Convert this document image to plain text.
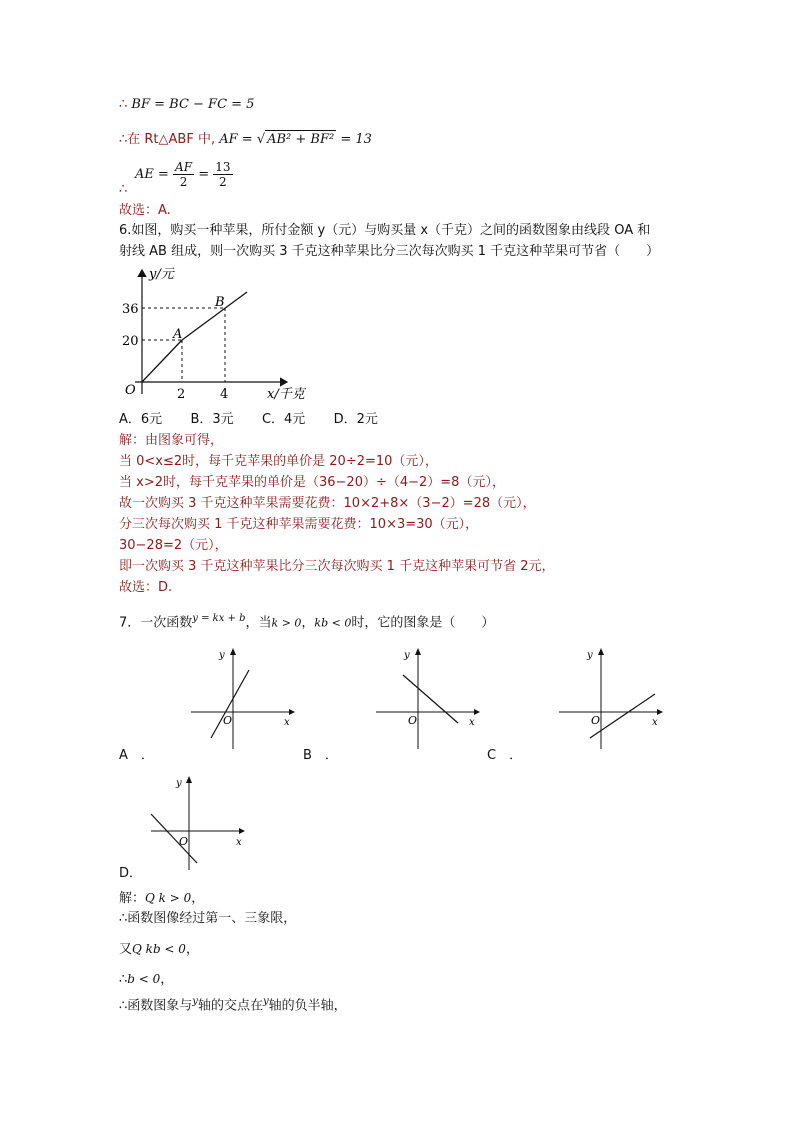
∴ BF = BC − FC = 5
∴在 Rt△ABF 中, AF = √ AB² + BF² = 13
AE = $\frac{AF}{2} = \frac{13}{2}$
∴
故选：A.
6.如图，购买一种苹果，所付金额 y（元）与购买量 x（千克）之间的函数图象由线段 OA 和
射线 AB 组成，则一次购买 3 千克这种苹果比分三次每次购买 1 千克这种苹果可节省（　　）
y/元
x/千克
O
36
20
2	4
A
B
A．6元 B．3元 C．4元 D．2元
解：由图象可得，
当 0<x≤2时，每千克苹果的单价是 20÷2=10（元），
当 x>2时，每千克苹果的单价是（36−20）÷（4−2）=8（元），
故一次购买 3 千克这种苹果需要花费：10×2+8×（3−2）=28（元），
分三次每次购买 1 千克这种苹果需要花费：10×3=30（元），
30−28=2（元），
即一次购买 3 千克这种苹果比分三次每次购买 1 千克这种苹果可节省 2元，
故选：D.
7．一次函数$^{y = kx + b}$，当k > 0，kb < 0时，它的图象是（　　）
y
x
O
y
x
O
y
x
O
y
x
O
A　．	B　．	C　．
D．
解：Q k > 0，
∴函数图像经过第一、三象限，
又Q kb < 0，
∴b < 0，
∴函数图象与$^y$轴的交点在$^y$轴的负半轴，
